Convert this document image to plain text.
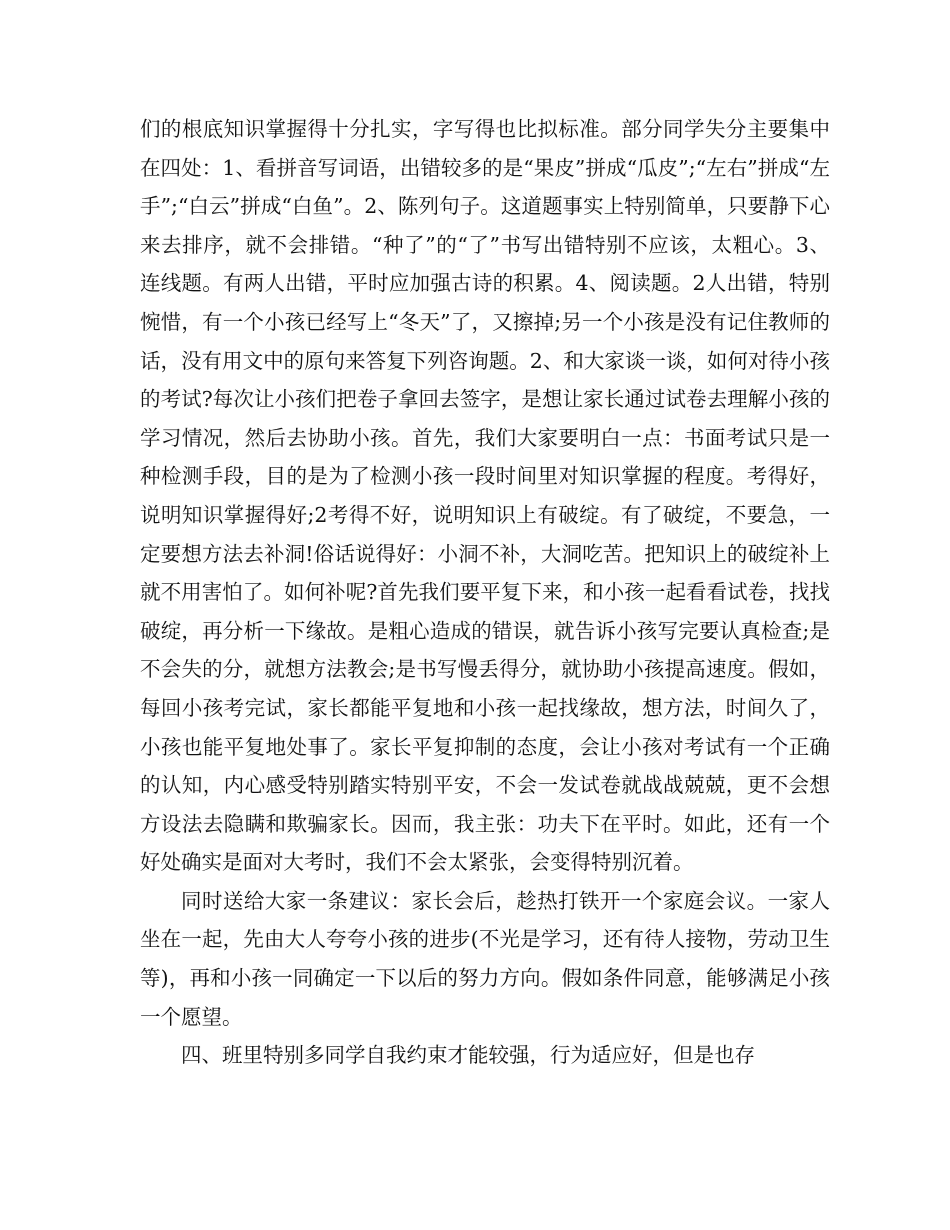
们的根底知识掌握得十分扎实，字写得也比拟标准。部分同学失分主要集中在四处：1、看拼音写词语，出错较多的是“果皮”拼成“瓜皮”;“左右”拼成“左手”;“白云”拼成“白鱼”。2、陈列句子。这道题事实上特别简单，只要静下心来去排序，就不会排错。“种了”的“了”书写出错特别不应该，太粗心。3、连线题。有两人出错，平时应加强古诗的积累。4、阅读题。2人出错，特别惋惜，有一个小孩已经写上“冬天”了，又擦掉;另一个小孩是没有记住教师的话，没有用文中的原句来答复下列咨询题。2、和大家谈一谈，如何对待小孩的考试?每次让小孩们把卷子拿回去签字，是想让家长通过试卷去理解小孩的学习情况，然后去协助小孩。首先，我们大家要明白一点：书面考试只是一种检测手段，目的是为了检测小孩一段时间里对知识掌握的程度。考得好，说明知识掌握得好;2考得不好，说明知识上有破绽。有了破绽，不要急，一定要想方法去补洞!俗话说得好：小洞不补，大洞吃苦。把知识上的破绽补上就不用害怕了。如何补呢?首先我们要平复下来，和小孩一起看看试卷，找找破绽，再分析一下缘故。是粗心造成的错误，就告诉小孩写完要认真检查;是不会失的分，就想方法教会;是书写慢丢得分，就协助小孩提高速度。假如，每回小孩考完试，家长都能平复地和小孩一起找缘故，想方法，时间久了，小孩也能平复地处事了。家长平复抑制的态度，会让小孩对考试有一个正确的认知，内心感受特别踏实特别平安，不会一发试卷就战战兢兢，更不会想方设法去隐瞒和欺骗家长。因而，我主张：功夫下在平时。如此，还有一个好处确实是面对大考时，我们不会太紧张，会变得特别沉着。

同时送给大家一条建议：家长会后，趁热打铁开一个家庭会议。一家人坐在一起，先由大人夸夸小孩的进步(不光是学习，还有待人接物，劳动卫生等)，再和小孩一同确定一下以后的努力方向。假如条件同意，能够满足小孩一个愿望。

四、班里特别多同学自我约束才能较强，行为适应好，但是也存
